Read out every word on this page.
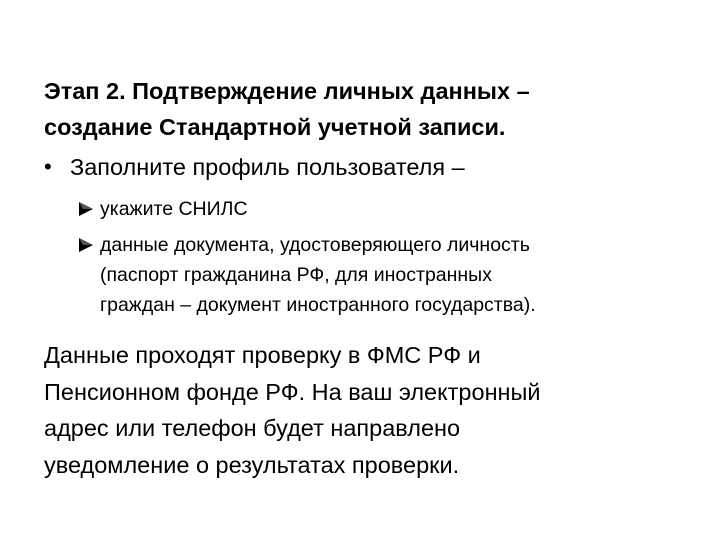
Этап 2. Подтверждение личных данных –
создание Стандартной учетной записи.
• Заполните профиль пользователя –
укажите СНИЛС
данные документа, удостоверяющего личность
(паспорт гражданина РФ, для иностранных
граждан – документ иностранного государства).
Данные проходят проверку в ФМС РФ и
Пенсионном фонде РФ. На ваш электронный
адрес или телефон будет направлено
уведомление о результатах проверки.
